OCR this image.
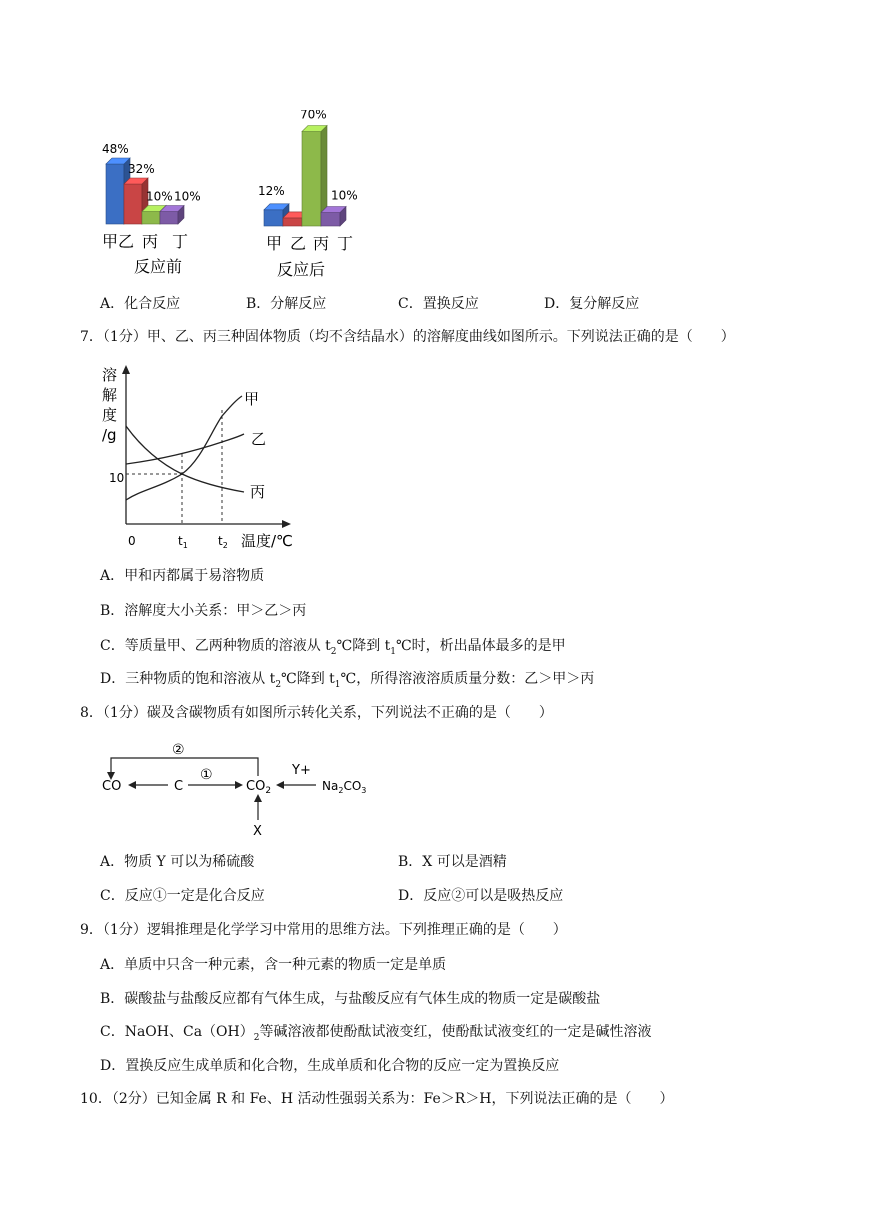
48%
32%
10% 10%	12%
70%
10%
甲乙 丙 丁
反应前
甲 乙 丙 丁
反应后
A．化合反应	B．分解反应	C．置换反应	D．复分解反应
7．（1分）甲、乙、丙三种固体物质（均不含结晶水）的溶解度曲线如图所示。下列说法正确的是（　　）
溶
解
度
/g
10
甲
乙
丙
0	$t_1$	$t_2$ 温度/℃
A．甲和丙都属于易溶物质
B．溶解度大小关系：甲＞乙＞丙
C．等质量甲、乙两种物质的溶液从 $t_2℃$降到 $t_1℃$时，析出晶体最多的是甲
D．三种物质的饱和溶液从 $t_2℃$降到 $t_1℃$，所得溶液溶质质量分数：乙＞甲＞丙
8．（1分）碳及含碳物质有如图所示转化关系，下列说法不正确的是（　　）
②
CO	C	$CO_2$	$Na_2CO_3$
①	Y+
X
A．物质 Y 可以为稀硫酸	B．X 可以是酒精
C．反应①一定是化合反应	D．反应②可以是吸热反应
9．（1分）逻辑推理是化学学习中常用的思维方法。下列推理正确的是（　　）
A．单质中只含一种元素，含一种元素的物质一定是单质
B．碳酸盐与盐酸反应都有气体生成，与盐酸反应有气体生成的物质一定是碳酸盐
C．NaOH、$Ca(OH)_2$等碱溶液都使酚酞试液变红，使酚酞试液变红的一定是碱性溶液
D．置换反应生成单质和化合物，生成单质和化合物的反应一定为置换反应
10．（2分）已知金属 R 和 Fe、H 活动性强弱关系为：Fe＞R＞H，下列说法正确的是（　　）
